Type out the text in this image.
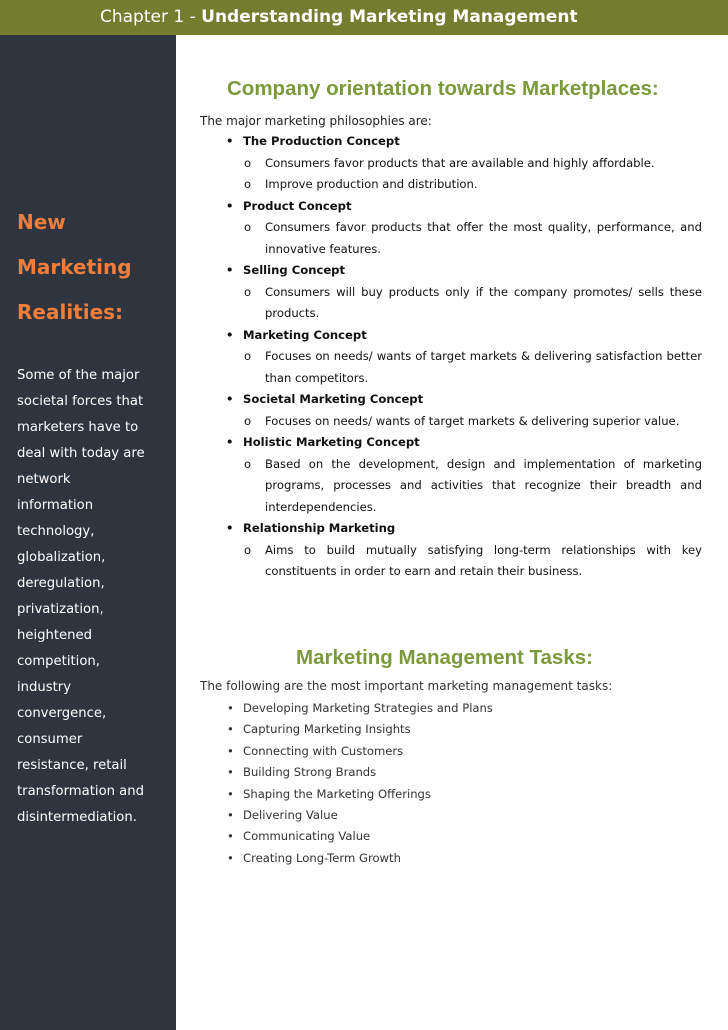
Chapter 1 - Understanding Marketing Management
New
Marketing
Realities:
Some of the major
societal forces that
marketers have to
deal with today are
network
information
technology,
globalization,
deregulation,
privatization,
heightened
competition,
industry
convergence,
consumer
resistance, retail
transformation and
disintermediation.
Company orientation towards Marketplaces:
The major marketing philosophies are:
• The Production Concept
o Consumers favor products that are available and highly affordable.
o Improve production and distribution.
• Product Concept
o Consumers favor products that offer the most quality, performance, and innovative features.
• Selling Concept
o Consumers will buy products only if the company promotes/ sells these products.
• Marketing Concept
o Focuses on needs/ wants of target markets & delivering satisfaction better than competitors.
• Societal Marketing Concept
o Focuses on needs/ wants of target markets & delivering superior value.
• Holistic Marketing Concept
o Based on the development, design and implementation of marketing programs, processes and activities that recognize their breadth and interdependencies.
• Relationship Marketing
o Aims to build mutually satisfying long-term relationships with key constituents in order to earn and retain their business.
Marketing Management Tasks:
The following are the most important marketing management tasks:
• Developing Marketing Strategies and Plans
• Capturing Marketing Insights
• Connecting with Customers
• Building Strong Brands
• Shaping the Marketing Offerings
• Delivering Value
• Communicating Value
• Creating Long-Term Growth
